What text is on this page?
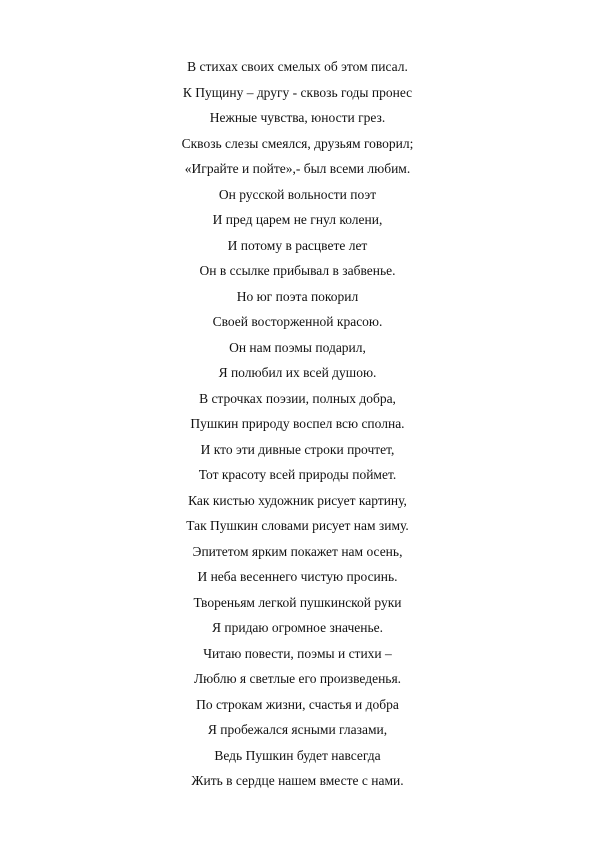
В стихах своих смелых об этом писал.
К Пущину – другу - сквозь годы пронес
Нежные чувства, юности грез.
Сквозь слезы смеялся, друзьям говорил;
«Играйте и пойте»,- был всеми любим.
Он русской вольности поэт
И пред царем не гнул колени,
И потому в расцвете лет
Он в ссылке прибывал в забвенье.
Но юг поэта покорил
Своей восторженной красою.
Он нам поэмы подарил,
Я полюбил их всей душою.
В строчках поэзии, полных добра,
Пушкин природу воспел всю сполна.
И кто эти дивные строки прочтет,
Тот красоту всей природы поймет.
Как кистью художник рисует картину,
Так Пушкин словами рисует нам зиму.
Эпитетом ярким покажет нам осень,
И неба весеннего чистую просинь.
Твореньям легкой пушкинской руки
Я придаю огромное значенье.
Читаю повести, поэмы и стихи –
Люблю я светлые его произведенья.
По строкам жизни, счастья и добра
Я пробежался ясными глазами,
Ведь Пушкин будет навсегда
Жить в сердце нашем вместе с нами.
